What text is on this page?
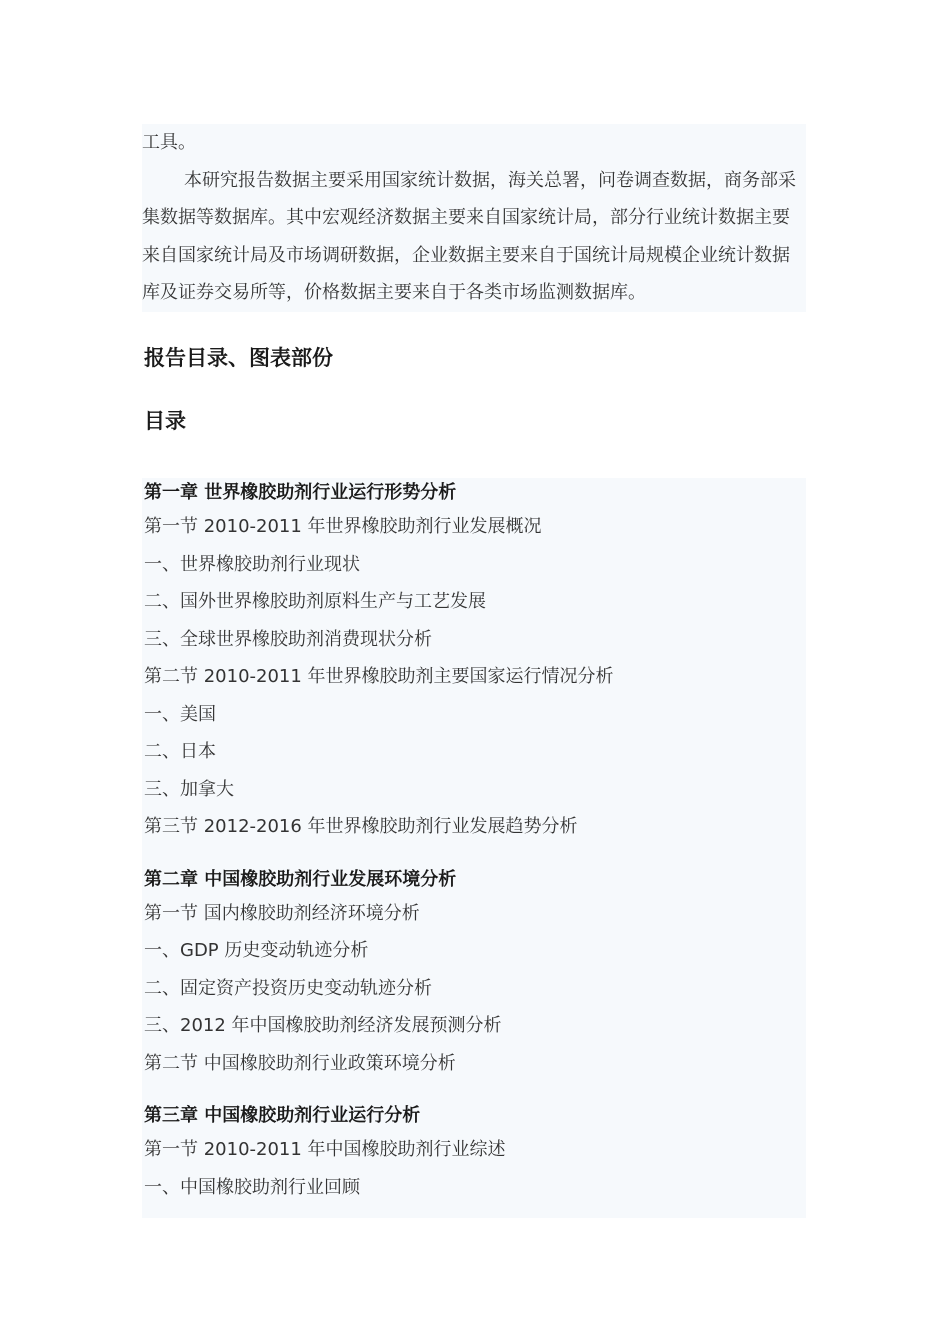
工具。

本研究报告数据主要采用国家统计数据，海关总署，问卷调查数据，商务部采集数据等数据库。其中宏观经济数据主要来自国家统计局，部分行业统计数据主要来自国家统计局及市场调研数据，企业数据主要来自于国统计局规模企业统计数据库及证券交易所等，价格数据主要来自于各类市场监测数据库。

报告目录、图表部份
目录
第一章 世界橡胶助剂行业运行形势分析
第一节 2010-2011 年世界橡胶助剂行业发展概况
一、世界橡胶助剂行业现状
二、国外世界橡胶助剂原料生产与工艺发展
三、全球世界橡胶助剂消费现状分析
第二节 2010-2011 年世界橡胶助剂主要国家运行情况分析
一、美国
二、日本
三、加拿大
第三节 2012-2016 年世界橡胶助剂行业发展趋势分析
第二章 中国橡胶助剂行业发展环境分析
第一节 国内橡胶助剂经济环境分析
一、GDP 历史变动轨迹分析
二、固定资产投资历史变动轨迹分析
三、2012 年中国橡胶助剂经济发展预测分析
第二节 中国橡胶助剂行业政策环境分析
第三章 中国橡胶助剂行业运行分析
第一节 2010-2011 年中国橡胶助剂行业综述
一、中国橡胶助剂行业回顾
